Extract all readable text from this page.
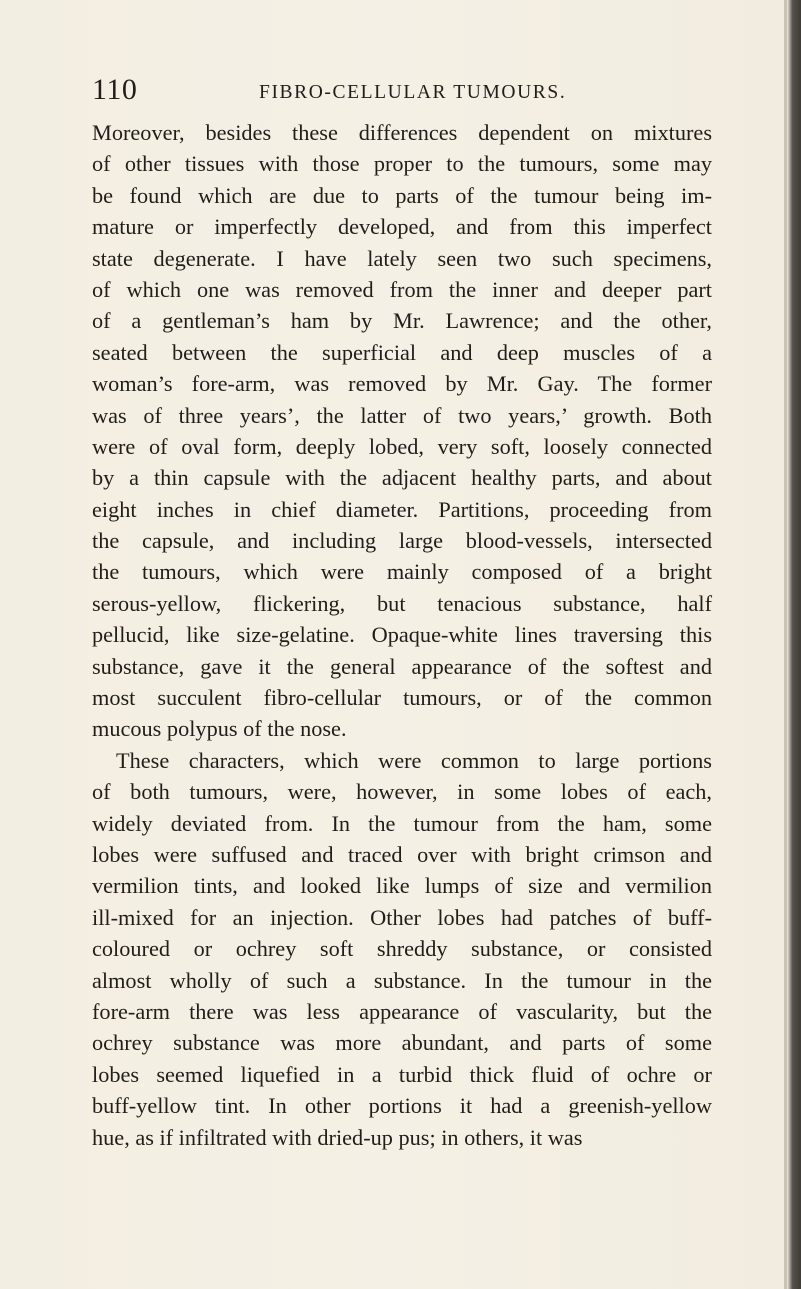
110	FIBRO-CELLULAR TUMOURS.
Moreover, besides these differences dependent on mixtures
of other tissues with those proper to the tumours, some may
be found which are due to parts of the tumour being im-
mature or imperfectly developed, and from this imperfect
state degenerate. I have lately seen two such specimens,
of which one was removed from the inner and deeper part
of a gentleman’s ham by Mr. Lawrence; and the other,
seated between the superficial and deep muscles of a
woman’s fore-arm, was removed by Mr. Gay. The former
was of three years’, the latter of two years,’ growth. Both
were of oval form, deeply lobed, very soft, loosely connected
by a thin capsule with the adjacent healthy parts, and about
eight inches in chief diameter. Partitions, proceeding from
the capsule, and including large blood-vessels, intersected
the tumours, which were mainly composed of a bright
serous-yellow, flickering, but tenacious substance, half
pellucid, like size-gelatine. Opaque-white lines traversing this
substance, gave it the general appearance of the softest and
most succulent fibro-cellular tumours, or of the common
mucous polypus of the nose.
These characters, which were common to large portions
of both tumours, were, however, in some lobes of each,
widely deviated from. In the tumour from the ham, some
lobes were suffused and traced over with bright crimson and
vermilion tints, and looked like lumps of size and vermilion
ill-mixed for an injection. Other lobes had patches of buff-
coloured or ochrey soft shreddy substance, or consisted
almost wholly of such a substance. In the tumour in the
fore-arm there was less appearance of vascularity, but the
ochrey substance was more abundant, and parts of some
lobes seemed liquefied in a turbid thick fluid of ochre or
buff-yellow tint. In other portions it had a greenish-yellow
hue, as if infiltrated with dried-up pus; in others, it was
